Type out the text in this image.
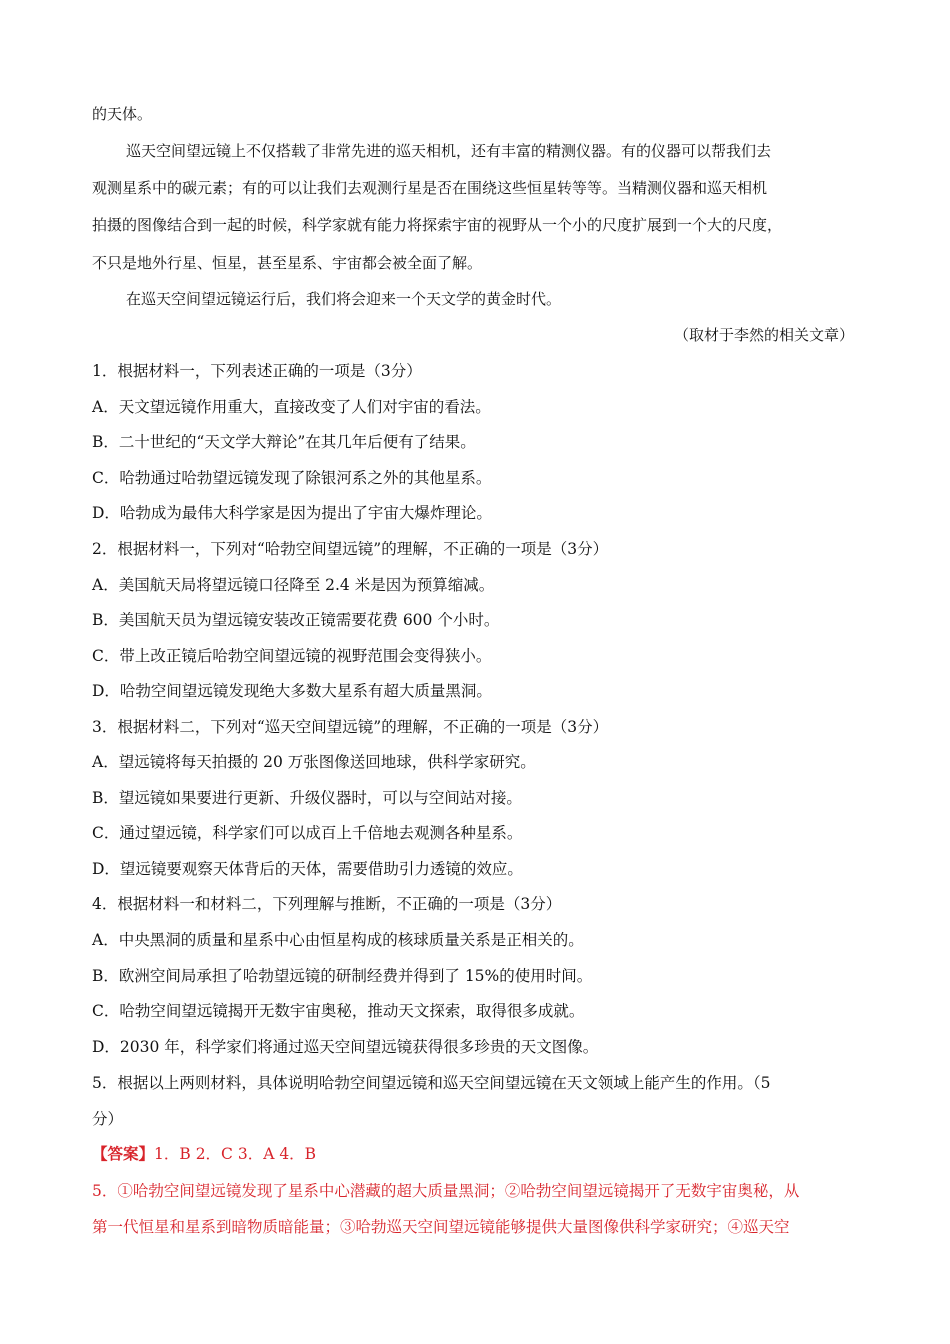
的天体。
巡天空间望远镜上不仅搭载了非常先进的巡天相机，还有丰富的精测仪器。有的仪器可以帮我们去
观测星系中的碳元素；有的可以让我们去观测行星是否在围绕这些恒星转等等。当精测仪器和巡天相机
拍摄的图像结合到一起的时候，科学家就有能力将探索宇宙的视野从一个小的尺度扩展到一个大的尺度，
不只是地外行星、恒星，甚至星系、宇宙都会被全面了解。
在巡天空间望远镜运行后，我们将会迎来一个天文学的黄金时代。
（取材于李然的相关文章）
1．根据材料一，下列表述正确的一项是（3分）
A．天文望远镜作用重大，直接改变了人们对宇宙的看法。
B．二十世纪的“天文学大辩论”在其几年后便有了结果。
C．哈勃通过哈勃望远镜发现了除银河系之外的其他星系。
D．哈勃成为最伟大科学家是因为提出了宇宙大爆炸理论。
2．根据材料一，下列对“哈勃空间望远镜”的理解，不正确的一项是（3分）
A．美国航天局将望远镜口径降至 2.4 米是因为预算缩减。
B．美国航天员为望远镜安装改正镜需要花费 600 个小时。
C．带上改正镜后哈勃空间望远镜的视野范围会变得狭小。
D．哈勃空间望远镜发现绝大多数大星系有超大质量黑洞。
3．根据材料二，下列对“巡天空间望远镜”的理解，不正确的一项是（3分）
A．望远镜将每天拍摄的 20 万张图像送回地球，供科学家研究。
B．望远镜如果要进行更新、升级仪器时，可以与空间站对接。
C．通过望远镜，科学家们可以成百上千倍地去观测各种星系。
D．望远镜要观察天体背后的天体，需要借助引力透镜的效应。
4．根据材料一和材料二，下列理解与推断，不正确的一项是（3分）
A．中央黑洞的质量和星系中心由恒星构成的核球质量关系是正相关的。
B．欧洲空间局承担了哈勃望远镜的研制经费并得到了 15%的使用时间。
C．哈勃空间望远镜揭开无数宇宙奥秘，推动天文探索，取得很多成就。
D．2030 年，科学家们将通过巡天空间望远镜获得很多珍贵的天文图像。
5．根据以上两则材料，具体说明哈勃空间望远镜和巡天空间望远镜在天文领域上能产生的作用。（5
分）
【答案】1．B 2．C 3．A 4．B
5．①哈勃空间望远镜发现了星系中心潜藏的超大质量黑洞；②哈勃空间望远镜揭开了无数宇宙奥秘，从
第一代恒星和星系到暗物质暗能量；③哈勃巡天空间望远镜能够提供大量图像供科学家研究；④巡天空
